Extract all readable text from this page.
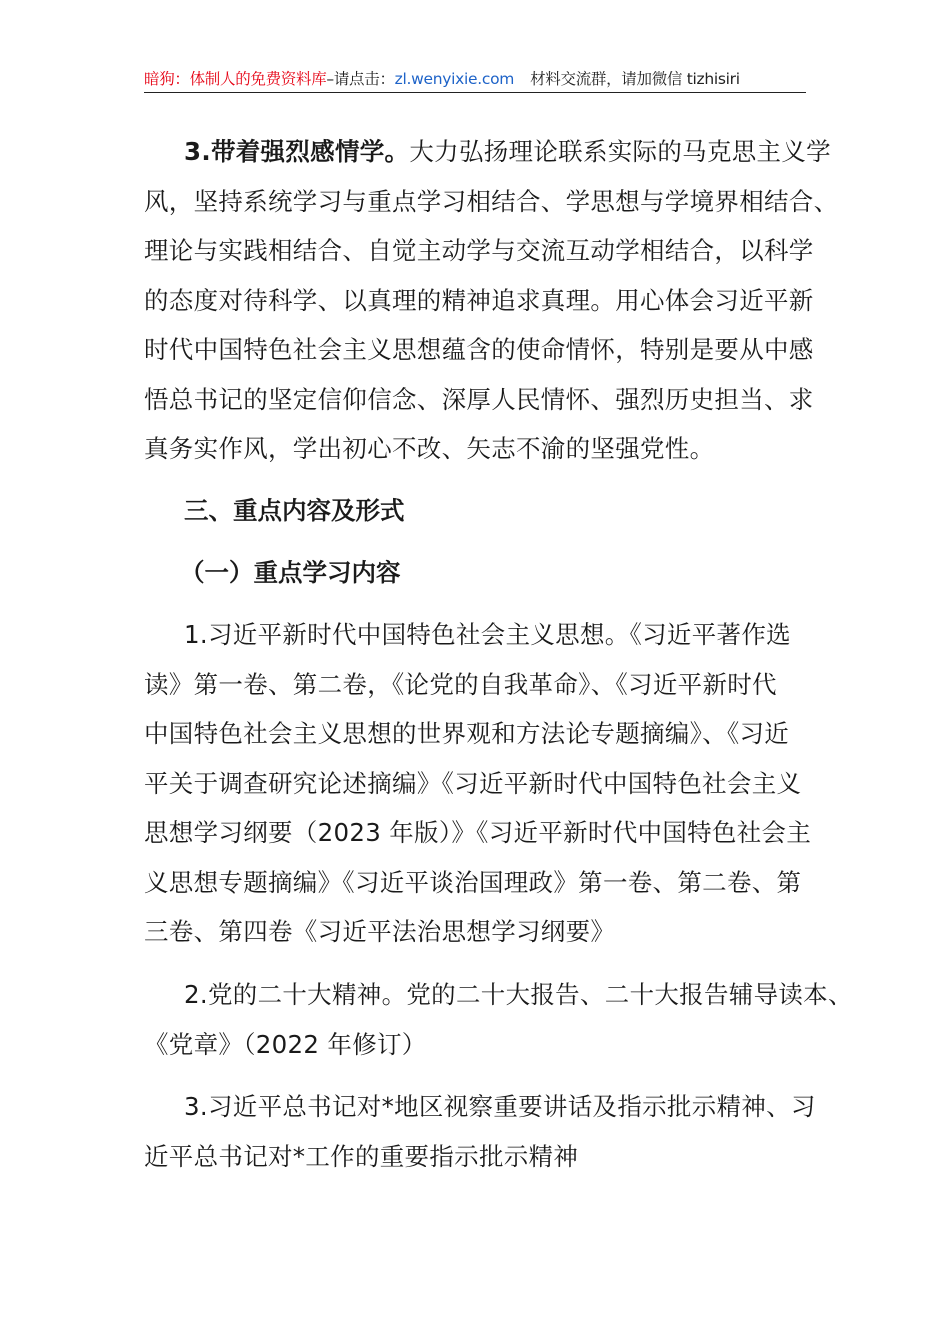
暗狗：体制人的免费资料库–请点击：zl.wenyixie.com 材料交流群，请加微信 tizhisiri
3.带着强烈感情学。大力弘扬理论联系实际的马克思主义学
风，坚持系统学习与重点学习相结合、学思想与学境界相结合、
理论与实践相结合、自觉主动学与交流互动学相结合，以科学
的态度对待科学、以真理的精神追求真理。用心体会习近平新
时代中国特色社会主义思想蕴含的使命情怀，特别是要从中感
悟总书记的坚定信仰信念、深厚人民情怀、强烈历史担当、求
真务实作风，学出初心不改、矢志不渝的坚强党性。
三、重点内容及形式
（一）重点学习内容
1.习近平新时代中国特色社会主义思想。《习近平著作选
读》第一卷、第二卷，《论党的自我革命》、《习近平新时代
中国特色社会主义思想的世界观和方法论专题摘编》、《习近
平关于调查研究论述摘编》《习近平新时代中国特色社会主义
思想学习纲要（2023 年版）》《习近平新时代中国特色社会主
义思想专题摘编》《习近平谈治国理政》第一卷、第二卷、第
三卷、第四卷《习近平法治思想学习纲要》
2.党的二十大精神。党的二十大报告、二十大报告辅导读本、
《党章》（2022 年修订）
3.习近平总书记对*地区视察重要讲话及指示批示精神、习
近平总书记对*工作的重要指示批示精神
